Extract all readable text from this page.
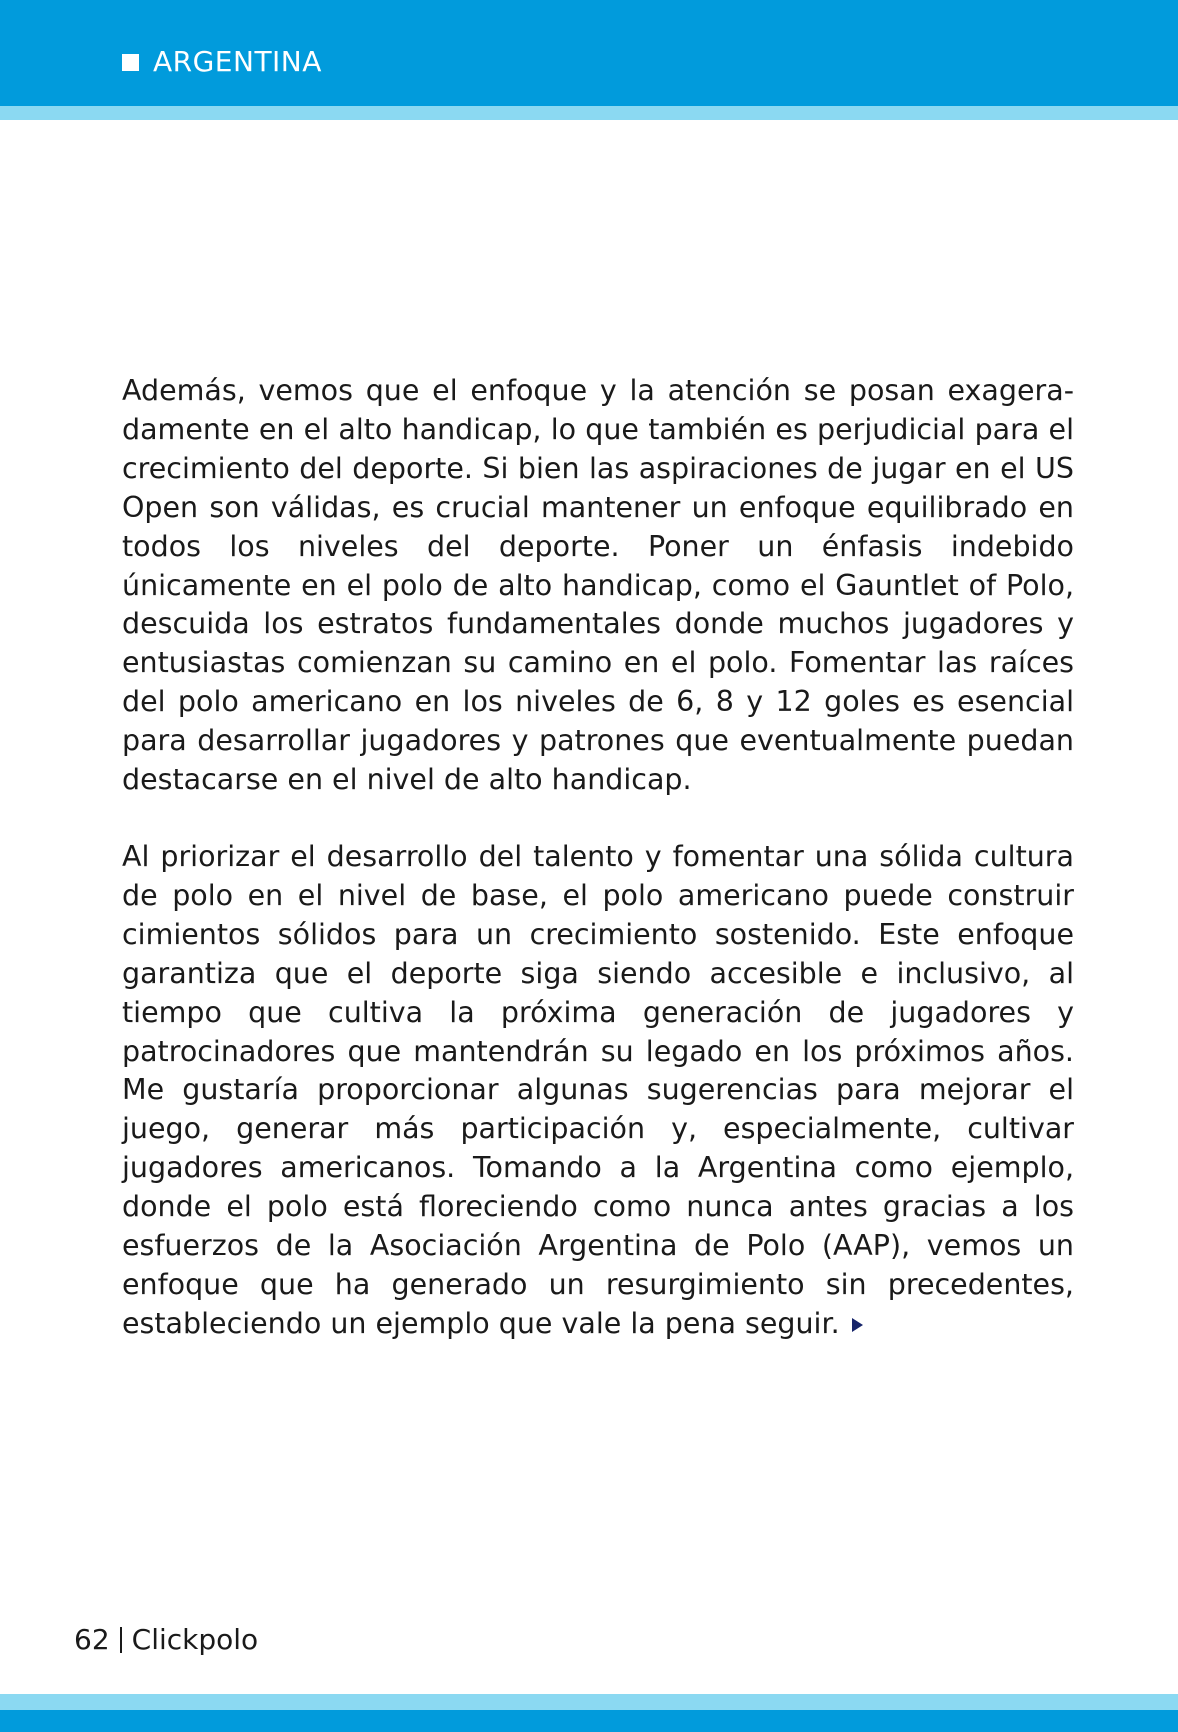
ARGENTINA

Además, vemos que el enfoque y la atención se posan exageradamente en el alto handicap, lo que también es perjudicial para el crecimiento del deporte. Si bien las aspiraciones de jugar en el US Open son válidas, es crucial mantener un enfoque equilibrado en todos los niveles del deporte. Poner un énfasis indebido únicamente en el polo de alto handicap, como el Gauntlet of Polo, descuida los estratos fundamentales donde muchos jugadores y entusiastas comienzan su camino en el polo. Fomentar las raíces del polo americano en los niveles de 6, 8 y 12 goles es esencial para desarrollar jugadores y patrones que eventualmente puedan destacarse en el nivel de alto handicap.

Al priorizar el desarrollo del talento y fomentar una sólida cultura de polo en el nivel de base, el polo americano puede construir cimientos sólidos para un crecimiento sostenido. Este enfoque garantiza que el deporte siga siendo accesible e inclusivo, al tiempo que cultiva la próxima generación de jugadores y patrocinadores que mantendrán su legado en los próximos años. Me gustaría proporcionar algunas sugerencias para mejorar el juego, generar más participación y, especialmente, cultivar jugadores americanos. Tomando a la Argentina como ejemplo, donde el polo está floreciendo como nunca antes gracias a los esfuerzos de la Asociación Argentina de Polo (AAP), vemos un enfoque que ha generado un resurgimiento sin precedentes, estableciendo un ejemplo que vale la pena seguir.

62 Clickpolo
